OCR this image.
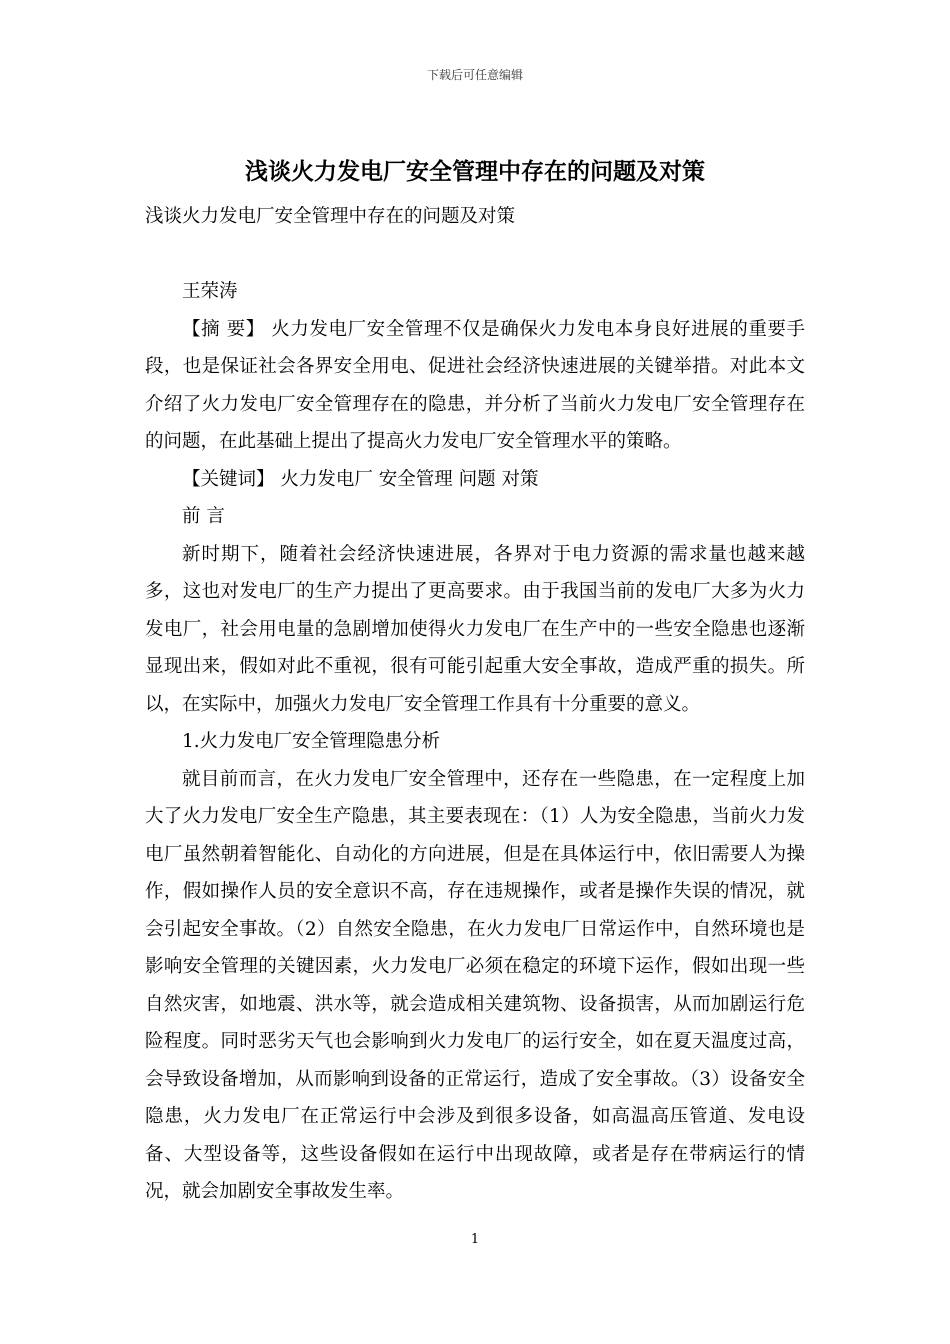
下载后可任意编辑
浅谈火力发电厂安全管理中存在的问题及对策

浅谈火力发电厂安全管理中存在的问题及对策

王荣涛

【摘 要】 火力发电厂安全管理不仅是确保火力发电本身良好进展的重要手段，也是保证社会各界安全用电、促进社会经济快速进展的关键举措。对此本文介绍了火力发电厂安全管理存在的隐患，并分析了当前火力发电厂安全管理存在的问题，在此基础上提出了提高火力发电厂安全管理水平的策略。

【关键词】 火力发电厂 安全管理 问题 对策

前 言

新时期下，随着社会经济快速进展，各界对于电力资源的需求量也越来越多，这也对发电厂的生产力提出了更高要求。由于我国当前的发电厂大多为火力发电厂，社会用电量的急剧增加使得火力发电厂在生产中的一些安全隐患也逐渐显现出来，假如对此不重视，很有可能引起重大安全事故，造成严重的损失。所以，在实际中，加强火力发电厂安全管理工作具有十分重要的意义。

1.火力发电厂安全管理隐患分析

就目前而言，在火力发电厂安全管理中，还存在一些隐患，在一定程度上加大了火力发电厂安全生产隐患，其主要表现在：（1）人为安全隐患，当前火力发电厂虽然朝着智能化、自动化的方向进展，但是在具体运行中，依旧需要人为操作，假如操作人员的安全意识不高，存在违规操作，或者是操作失误的情况，就会引起安全事故。（2）自然安全隐患，在火力发电厂日常运作中，自然环境也是影响安全管理的关键因素，火力发电厂必须在稳定的环境下运作，假如出现一些自然灾害，如地震、洪水等，就会造成相关建筑物、设备损害，从而加剧运行危险程度。同时恶劣天气也会影响到火力发电厂的运行安全，如在夏天温度过高，会导致设备增加，从而影响到设备的正常运行，造成了安全事故。（3）设备安全隐患，火力发电厂在正常运行中会涉及到很多设备，如高温高压管道、发电设备、大型设备等，这些设备假如在运行中出现故障，或者是存在带病运行的情况，就会加剧安全事故发生率。

1
